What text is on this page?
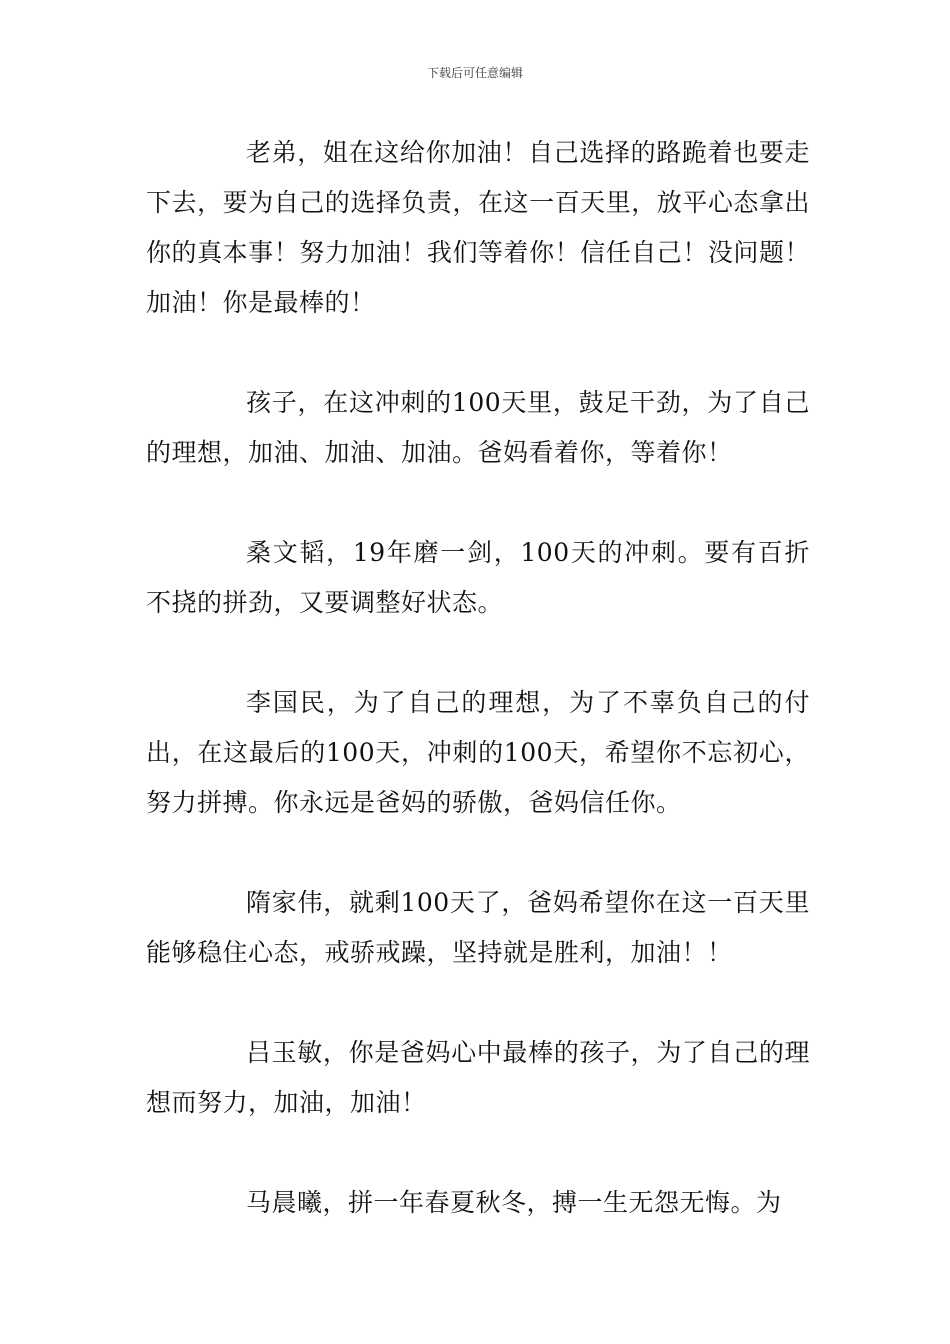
下载后可任意编辑

老弟，姐在这给你加油！自己选择的路跪着也要走下去，要为自己的选择负责，在这一百天里，放平心态拿出你的真本事！努力加油！我们等着你！信任自己！没问题！加油！你是最棒的！

孩子，在这冲刺的100天里，鼓足干劲，为了自己的理想，加油、加油、加油。爸妈看着你，等着你！

桑文韬，19年磨一剑，100天的冲刺。要有百折不挠的拼劲，又要调整好状态。

李国民，为了自己的理想，为了不辜负自己的付出，在这最后的100天，冲刺的100天，希望你不忘初心，努力拼搏。你永远是爸妈的骄傲，爸妈信任你。

隋家伟，就剩100天了，爸妈希望你在这一百天里能够稳住心态，戒骄戒躁，坚持就是胜利，加油！！

吕玉敏，你是爸妈心中最棒的孩子，为了自己的理想而努力，加油，加油！

马晨曦，拼一年春夏秋冬，搏一生无怨无悔。为
